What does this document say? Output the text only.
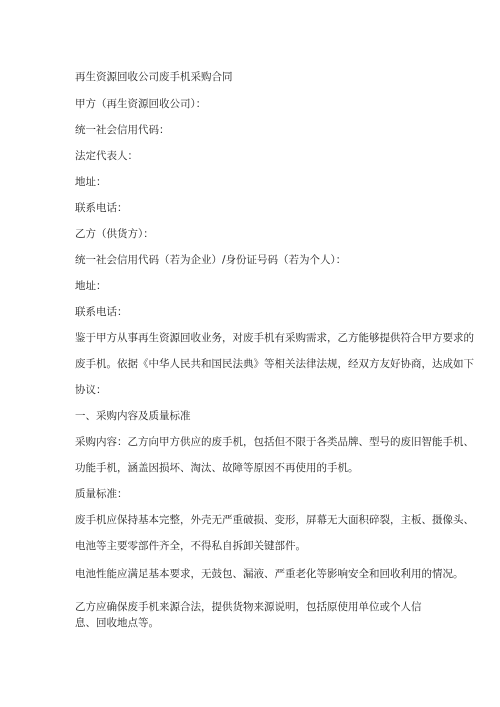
再生资源回收公司废手机采购合同
甲方（再生资源回收公司）：
统一社会信用代码：
法定代表人：
地址：
联系电话：
乙方（供货方）：
统一社会信用代码（若为企业）/身份证号码（若为个人）：
地址：
联系电话：
鉴于甲方从事再生资源回收业务，对废手机有采购需求，乙方能够提供符合甲方要求的
废手机。依据《中华人民共和国民法典》等相关法律法规，经双方友好协商，达成如下
协议：
一、采购内容及质量标准
采购内容：乙方向甲方供应的废手机，包括但不限于各类品牌、型号的废旧智能手机、
功能手机，涵盖因损坏、淘汰、故障等原因不再使用的手机。
质量标准：
废手机应保持基本完整，外壳无严重破损、变形，屏幕无大面积碎裂，主板、摄像头、
电池等主要零部件齐全，不得私自拆卸关键部件。
电池性能应满足基本要求，无鼓包、漏液、严重老化等影响安全和回收利用的情况。
乙方应确保废手机来源合法，提供货物来源说明，包括原使用单位或个人信息、回收地点等。
